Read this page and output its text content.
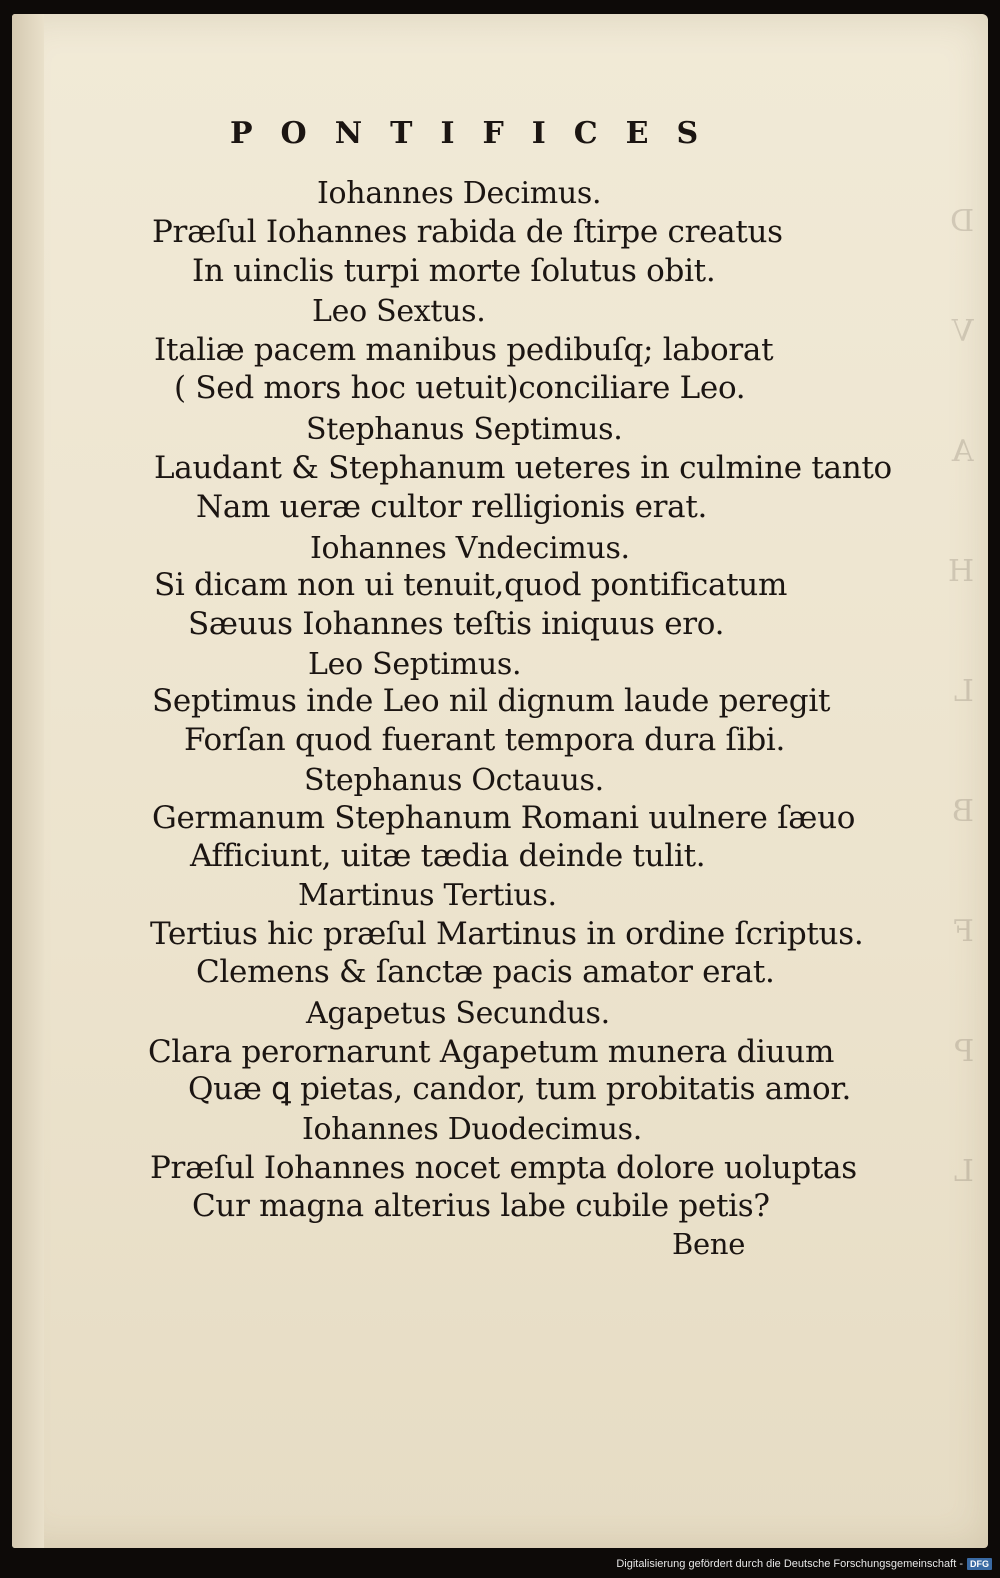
D
V
A
H
L
B
F
P
L
PONTIFICES
Iohannes Decimus.
Præſul Iohannes rabida de ſtirpe creatus
In uinclis turpi morte ſolutus obit.
Leo Sextus.
Italiæ pacem manibus pedibuſq; laborat
( Sed mors hoc uetuit)conciliare Leo.
Stephanus Septimus.
Laudant & Stephanum ueteres in culmine tanto
Nam ueræ cultor relligionis erat.
Iohannes Vndecimus.
Si dicam non ui tenuit,quod pontificatum
Sæuus Iohannes teſtis iniquus ero.
Leo Septimus.
Septimus inde Leo nil dignum laude peregit
Forſan quod fuerant tempora dura ſibi.
Stephanus Octauus.
Germanum Stephanum Romani uulnere ſæuo
Afficiunt, uitæ tædia deinde tulit.
Martinus Tertius.
Tertius hic præſul Martinus in ordine ſcriptus.
Clemens & ſanctæ pacis amator erat.
Agapetus Secundus.
Clara perornarunt Agapetum munera diuum
Quæ ꝗ pietas, candor, tum probitatis amor.
Iohannes Duodecimus.
Præſul Iohannes nocet empta dolore uoluptas
Cur magna alterius labe cubile petis?
Bene
Digitalisierung gefördert durch die Deutsche Forschungsgemeinschaft - DFG
